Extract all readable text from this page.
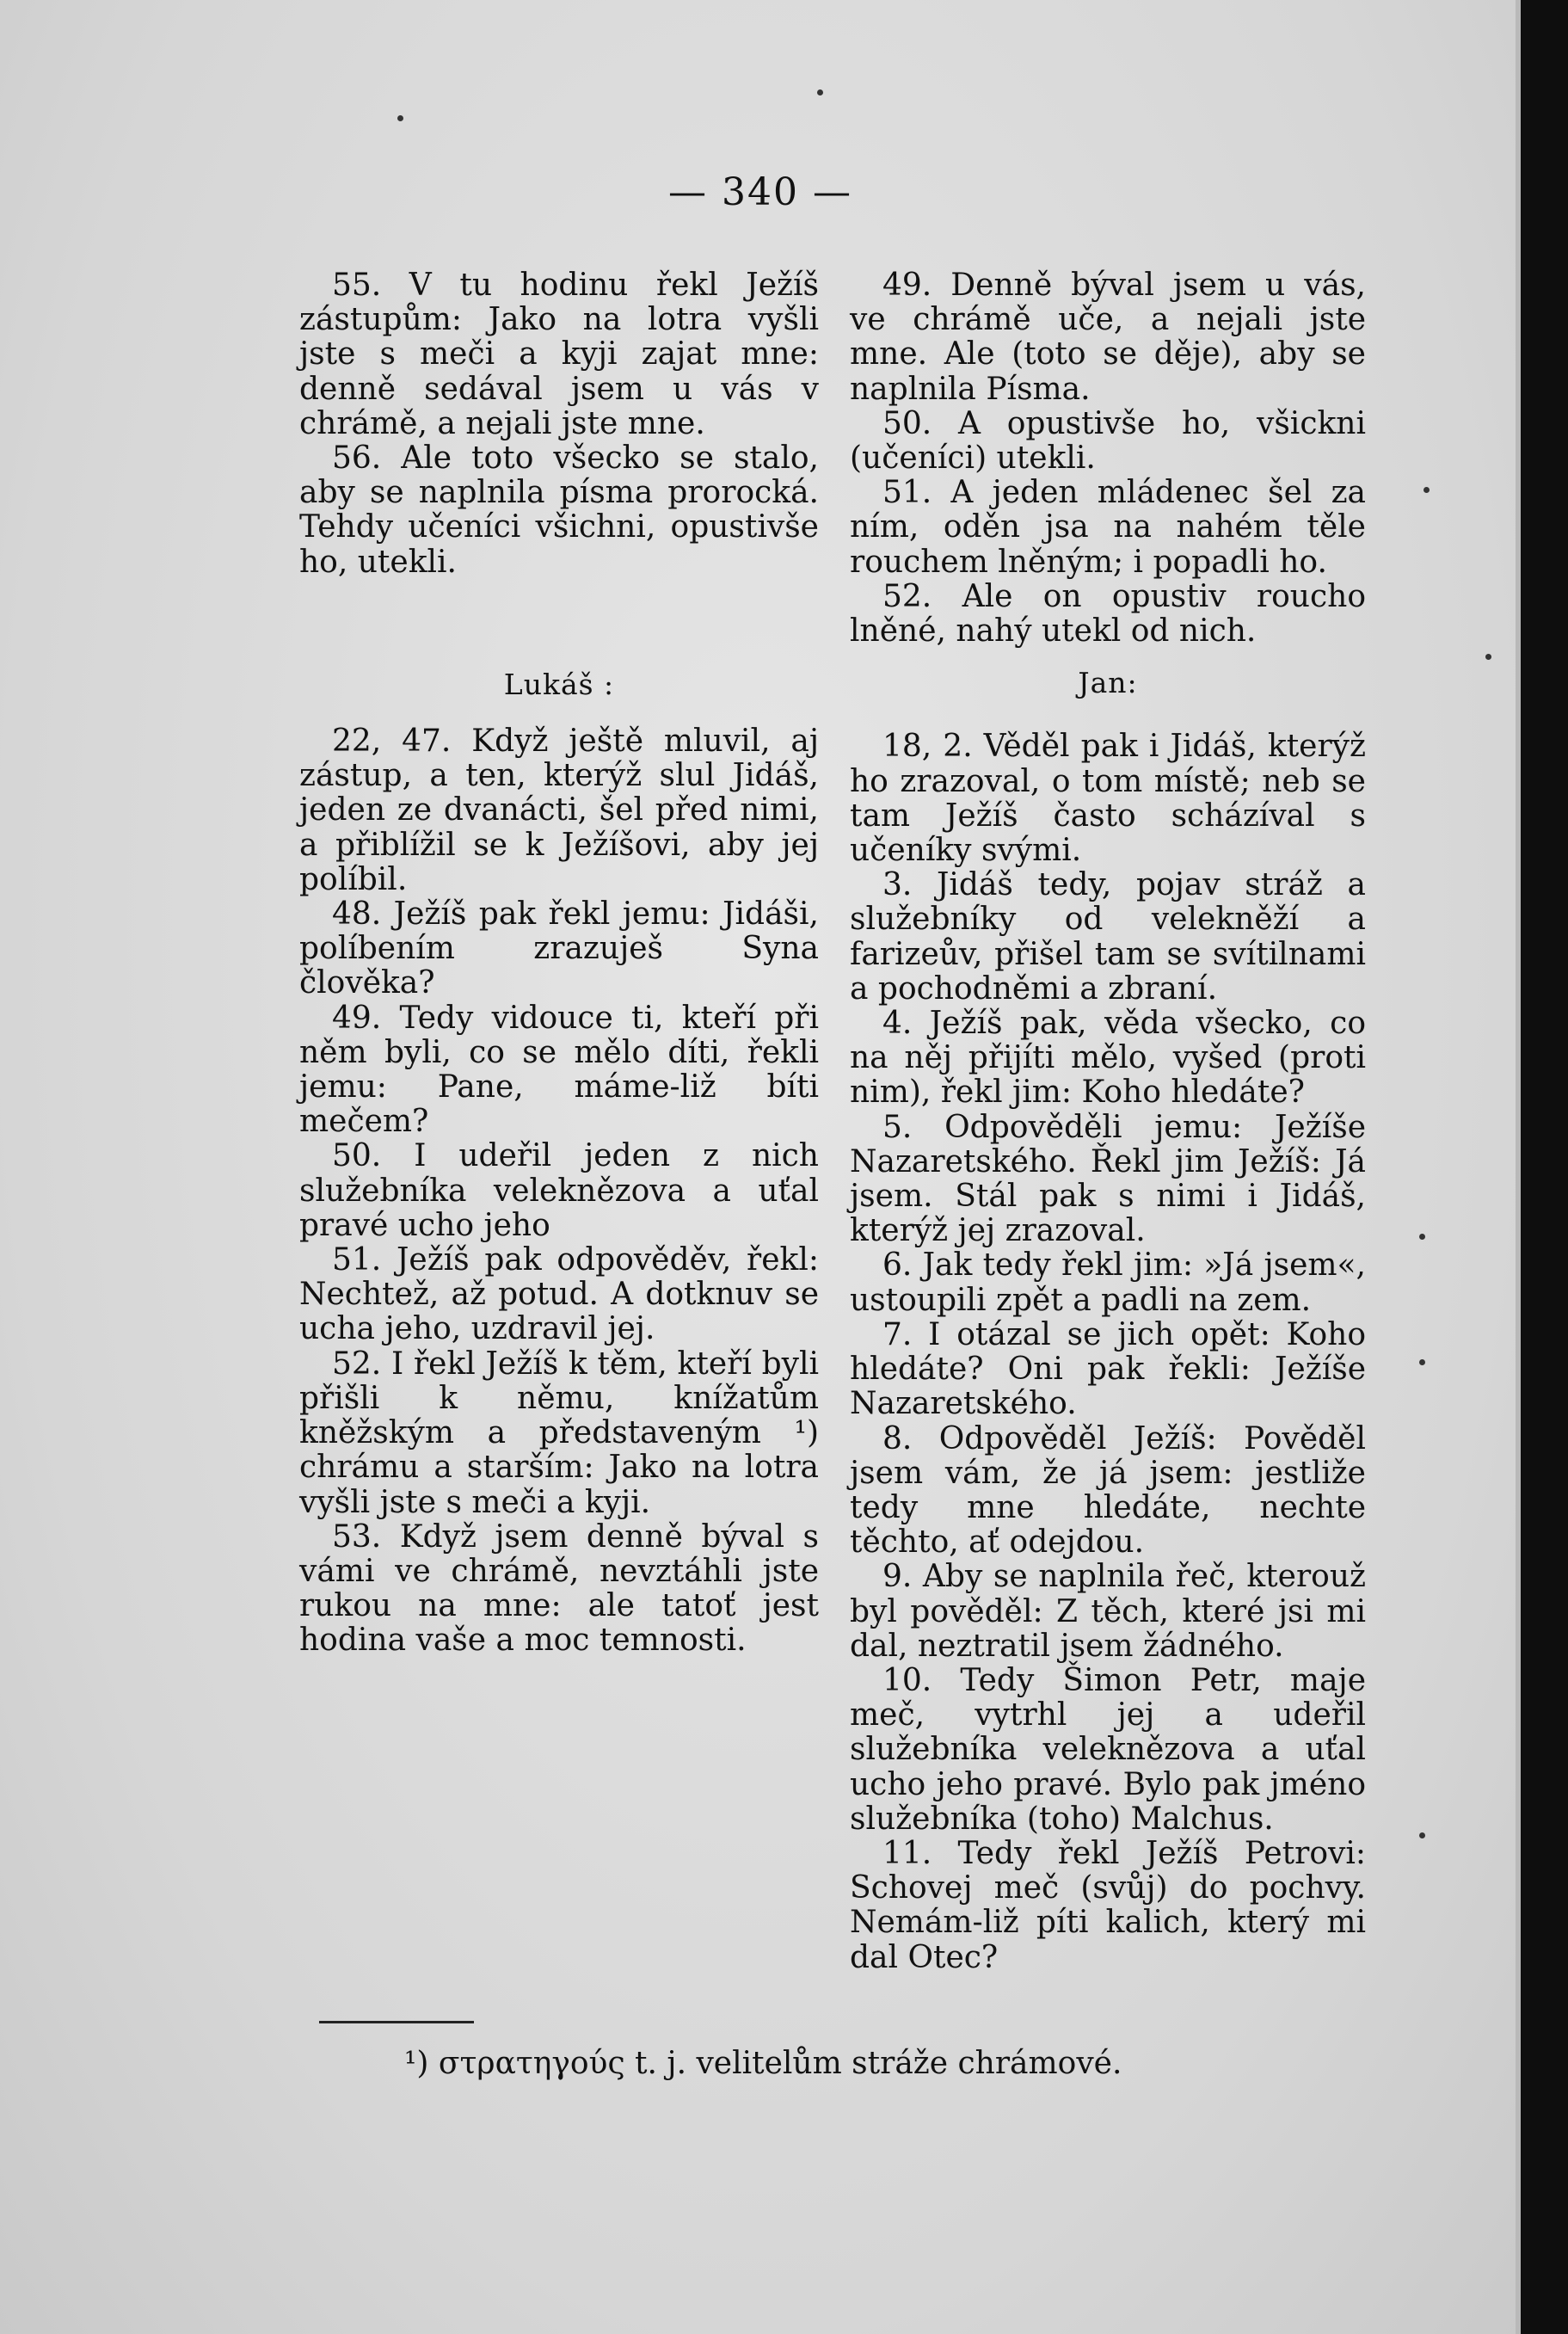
— 340 —

55. V tu hodinu řekl Ježíš zástupům: Jako na lotra vyšli jste s meči a kyji zajat mne: denně sedával jsem u vás v chrámě, a nejali jste mne.

56. Ale toto všecko se stalo, aby se naplnila písma prorocká. Tehdy učeníci všichni, opustivše ho, utekli.

Lukáš :

22, 47. Když ještě mluvil, aj zástup, a ten, kterýž slul Jidáš, jeden ze dvanácti, šel před nimi, a přiblížil se k Ježíšovi, aby jej políbil.

48. Ježíš pak řekl jemu: Jidáši, políbením zrazuješ Syna člověka?

49. Tedy vidouce ti, kteří při něm byli, co se mělo díti, řekli jemu: Pane, máme-liž bíti mečem?

50. I udeřil jeden z nich služebníka veleknězova a uťal pravé ucho jeho

51. Ježíš pak odpověděv, řekl: Nechtež, až potud. A dotknuv se ucha jeho, uzdravil jej.

52. I řekl Ježíš k těm, kteří byli přišli k němu, knížatům kněžským a představeným ¹) chrámu a starším: Jako na lotra vyšli jste s meči a kyji.

53. Když jsem denně býval s vámi ve chrámě, nevztáhli jste rukou na mne: ale tatoť jest hodina vaše a moc temnosti.

49. Denně býval jsem u vás, ve chrámě uče, a nejali jste mne. Ale (toto se děje), aby se naplnila Písma.

50. A opustivše ho, všickni (učeníci) utekli.

51. A jeden mládenec šel za ním, oděn jsa na nahém těle rouchem lněným; i popadli ho.

52. Ale on opustiv roucho lněné, nahý utekl od nich.

Jan:

18, 2. Věděl pak i Jidáš, kterýž ho zrazoval, o tom místě; neb se tam Ježíš často scházíval s učeníky svými.

3. Jidáš tedy, pojav stráž a služebníky od velekněží a farizeův, přišel tam se svítilnami a pochodněmi a zbraní.

4. Ježíš pak, věda všecko, co na něj přijíti mělo, vyšed (proti nim), řekl jim: Koho hledáte?

5. Odpověděli jemu: Ježíše Nazaretského. Řekl jim Ježíš: Já jsem. Stál pak s nimi i Jidáš, kterýž jej zrazoval.

6. Jak tedy řekl jim: »Já jsem«, ustoupili zpět a padli na zem.

7. I otázal se jich opět: Koho hledáte? Oni pak řekli: Ježíše Nazaretského.

8. Odpověděl Ježíš: Pověděl jsem vám, že já jsem: jestliže tedy mne hledáte, nechte těchto, ať odejdou.

9. Aby se naplnila řeč, kterouž byl pověděl: Z těch, které jsi mi dal, neztratil jsem žádného.

10. Tedy Šimon Petr, maje meč, vytrhl jej a udeřil služebníka veleknězova a uťal ucho jeho pravé. Bylo pak jméno služebníka (toho) Malchus.

11. Tedy řekl Ježíš Petrovi: Schovej meč (svůj) do pochvy. Nemám-liž píti kalich, který mi dal Otec?

¹) στρατηγούς t. j. velitelům stráže chrámové.
